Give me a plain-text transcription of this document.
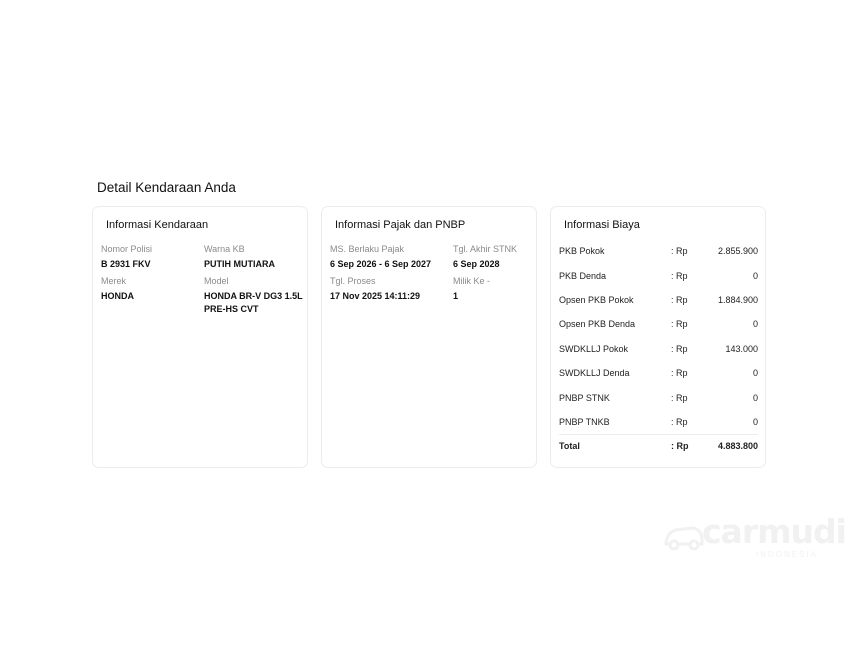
Detail Kendaraan Anda
Informasi Kendaraan
Nomor Polisi
B 2931 FKV
Warna KB
PUTIH MUTIARA
Merek
HONDA
Model
HONDA BR-V DG3 1.5L PRE-HS CVT
Informasi Pajak dan PNBP
MS. Berlaku Pajak
6 Sep 2026 - 6 Sep 2027
Tgl. Akhir STNK
6 Sep 2028
Tgl. Proses
17 Nov 2025 14:11:29
Milik Ke -
1
Informasi Biaya
PKB Pokok	: Rp	2.855.900
PKB Denda	: Rp	0
Opsen PKB Pokok	: Rp	1.884.900
Opsen PKB Denda	: Rp	0
SWDKLLJ Pokok	: Rp	143.000
SWDKLLJ Denda	: Rp	0
PNBP STNK	: Rp	0
PNBP TNKB	: Rp	0
Total	: Rp	4.883.800
carmudi
INDONESIA
